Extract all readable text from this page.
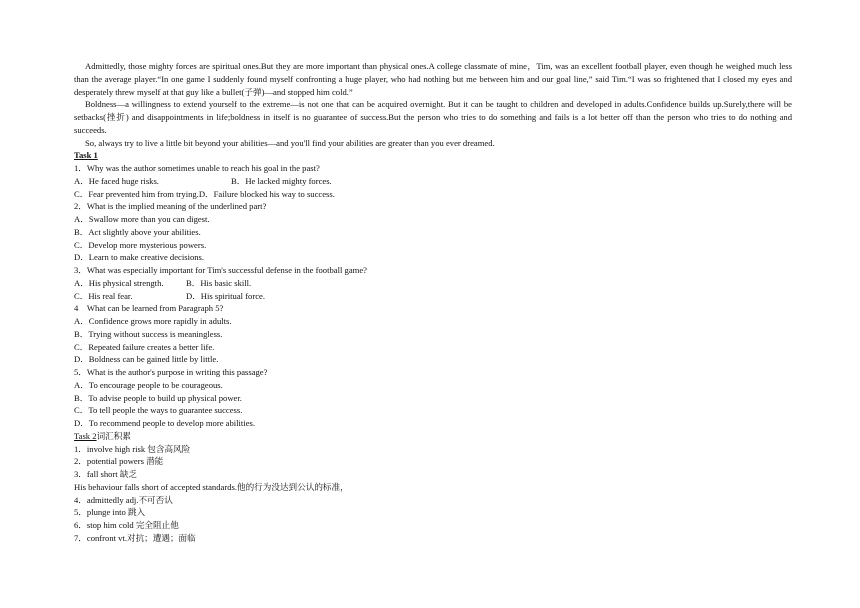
Admittedly, those mighty forces are spiritual ones.But they are more important than physical ones.A college classmate of mine，Tim, was an excellent football player, even though he weighed much less than the average player.“In one game I suddenly found myself confronting a huge player, who had nothing but me between him and our goal line,” said Tim.“I was so frightened that I closed my eyes and desperately threw myself at that guy like a bullet(子弹)—and stopped him cold.”

Boldness—a willingness to extend yourself to the extreme—is not one that can be acquired overnight. But it can be taught to children and developed in adults.Confidence builds up.Surely,there will be setbacks(挫折) and disappointments in life;boldness in itself is no guarantee of success.But the person who tries to do something and fails is a lot better off than the person who tries to do nothing and succeeds.

So, always try to live a little bit beyond your abilities—and you'll find your abilities are greater than you ever dreamed.

Task 1

1．Why was the author sometimes unable to reach his goal in the past?

A．He faced huge risks.	B．He lacked mighty forces.

C．Fear prevented him from trying.D．Failure blocked his way to success.

2．What is the implied meaning of the underlined part?

A．Swallow more than you can digest.

B．Act slightly above your abilities.

C．Develop more mysterious powers.

D．Learn to make creative decisions.

3．What was especially important for Tim's successful defense in the football game?

A．His physical strength.	B．His basic skill.

C．His real fear.	D．His spiritual force.

4　What can be learned from Paragraph 5?

A．Confidence grows more rapidly in adults.

B．Trying without success is meaningless.

C．Repeated failure creates a better life.

D．Boldness can be gained little by little.

5．What is the author's purpose in writing this passage?

A．To encourage people to be courageous.

B．To advise people to build up physical power.

C．To tell people the ways to guarantee success.

D．To recommend people to develop more abilities.

Task 2词汇积累

1．involve high risk 包含高风险

2．potential powers 潜能

3．fall short 缺乏

His behaviour falls short of accepted standards.他的行为没达到公认的标准，

4．admittedly adj.不可否认

5．plunge into 跳入

6．stop him cold 完全阻止他

7．confront vt.对抗；遭遇；面临
